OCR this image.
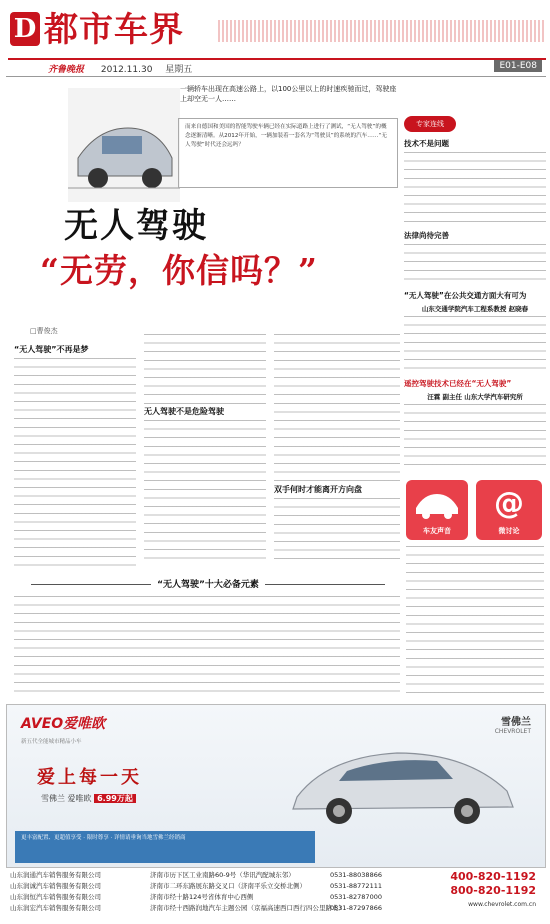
D 都市车界
齐鲁晚报 2012.11.30 星期五	E01-E08
一辆轿车出现在高速公路上，以100公里以上的时速疾驰而过，驾驶座上却空无一人……
而来自德国和美国的智能驾驶车辆已经在实际道路上进行了测试，“无人驾驶”的概念逐渐清晰。从2012年开始，一辆加装着一套名为“驾驶员”的系统的汽车……“无人驾驶”时代还会远吗？
无人驾驶
“无劳，你信吗？”
□曹俊杰
“无人驾驶”不再是梦
无人驾驶不是危险驾驶
双手何时才能离开方向盘
“无人驾驶”十大必备元素
专家连线
技术不是问题
法律尚待完善
“无人驾驶”在公共交通方面大有可为
山东交通学院汽车工程系教授 赵晓春
遥控驾驶技术已经在“无人驾驶”
汪霖 副主任 山东大学汽车研究所
车友声音
@
微讨论
AVEO爱唯欧
新五代全能城市精品小车
雪佛兰
CHEVROLET
爱上每一天
雪佛兰 爱唯欧 6.99万起
更丰富配置、更超值享受 · 限时尊享 · 详情请垂询当地雪佛兰经销商
山东润通汽车销售服务有限公司
山东润诚汽车销售服务有限公司
山东润恒汽车销售服务有限公司
山东润宏汽车销售服务有限公司
济南市历下区工业南路60-9号（华讯汽配城东邻）
济南市二环东路展东路交叉口（济南平乐立交桥北侧）
济南市经十路124号省体育中心西侧
济南市经十西路润地汽车主题公园（京福高速西口西行四公里路北）
0531-88038866
0531-88772111
0531-82787000
0531-87297866
400-820-1192
800-820-1192
www.chevrolet.com.cn
